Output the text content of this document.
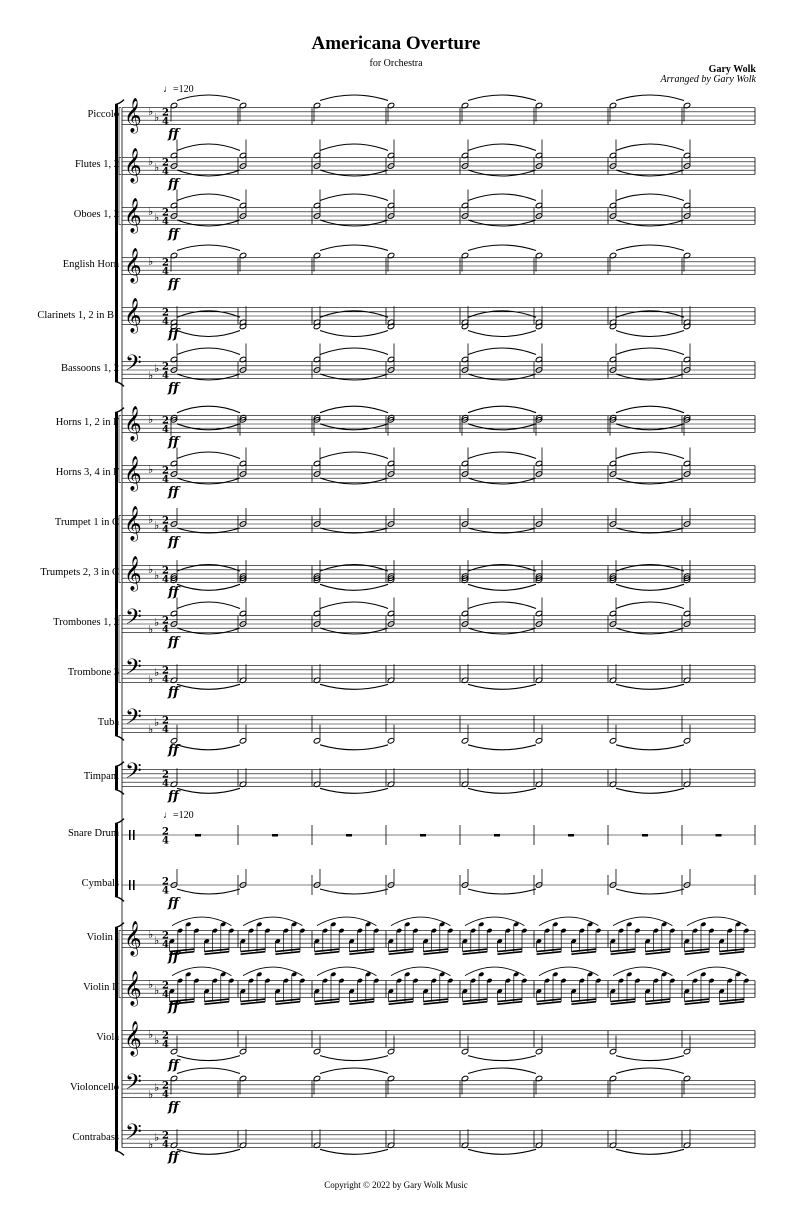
Americana Overture
for Orchestra
Gary Wolk
Arranged by Gary Wolk
𝄞 ♭ ♭ 2
4
ff
𝄞 ♭ ♭ 2
4
ff
𝄞 ♭ ♭ 2
4
ff
𝄞 ♭ 2
4
ff
𝄞 2
4
ff
𝄢 ♭
♭ 2
4
ff
𝄞 ♭ 2
4
ff
𝄞 ♭ 2
4
ff
𝄞 ♭ ♭ 2
4
ff
𝄞 ♭ ♭ 2
4
ff
𝄢 ♭
♭ 2
4
ff
𝄢 ♭
♭ 2
4
ff
𝄢 ♭
♭ 2
4
ff
𝄢 2
4
ff
2
4
2
4
ff
𝄞 ♭ ♭ 2
4
ff
𝄞 ♭ ♭ 2
4
ff
𝄞 ♭ ♭ 2
4
ff
𝄢 ♭
♭ 2
4
ff
𝄢 ♭
♭ 2
4
ff
Piccolo
Flutes 1, 2
Oboes 1, 2
English Horn
Clarinets 1, 2 in B♭
Bassoons 1, 2
Horns 1, 2 in F
Horns 3, 4 in F
Trumpet 1 in C
Trumpets 2, 3 in C
Trombones 1, 2
Trombone 3
Tuba
Timpani
Snare Drum
Cymbals
Violin I
Violin II
Viola
Violoncello
Contrabass
♩=120
♩=120
Copyright © 2022 by Gary Wolk Music
